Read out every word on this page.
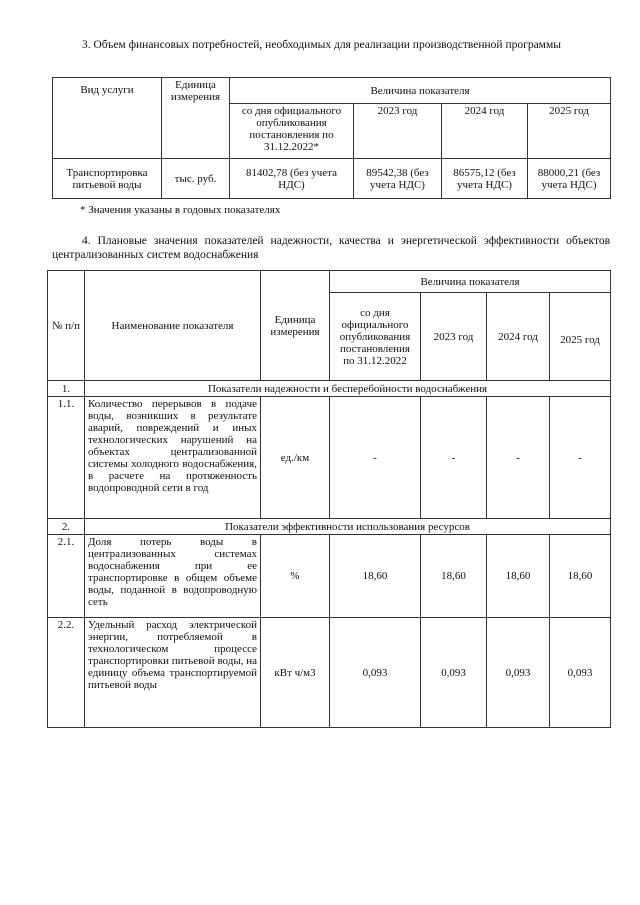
3. Объем финансовых потребностей, необходимых для реализации производственной программы
Вид услуги	Единица измерения	Величина показателя			
		со дня официального опубликования постановления по 31.12.2022*	2023 год	2024 год	2025 год
Транспортировка питьевой воды	тыс. руб.	81402,78 (без учета НДС)	89542,38 (без учета НДС)	86575,12 (без учета НДС)	88000,21 (без учета НДС)
* Значения указаны в годовых показателях
4. Плановые значения показателей надежности, качества и энергетической эффективности объектов централизованных систем водоснабжения
№ п/п	Наименование показателя	Единица измерения	Величина показателя			
			со дня официального опубликования постановления по 31.12.2022	2023 год	2024 год	2025 год
1.	Показатели надежности и бесперебойности водоснабжения					
1.1.	Количество перерывов в подаче воды, возникших в результате аварий, повреждений и иных технологических нарушений на объектах централизованной системы холодного водоснабжения, в расчете на протяженность водопроводной сети в год	ед./км	-	-	-	-
2.	Показатели эффективности использования ресурсов					
2.1.	Доля потерь воды в централизованных системах водоснабжения при ее транспортировке в общем объеме воды, поданной в водопроводную сеть	%	18,60	18,60	18,60	18,60
2.2.	Удельный расход электрической энергии, потребляемой в технологическом процессе транспортировки питьевой воды, на единицу объема транспортируемой питьевой воды	кВт ч/м3	0,093	0,093	0,093	0,093
